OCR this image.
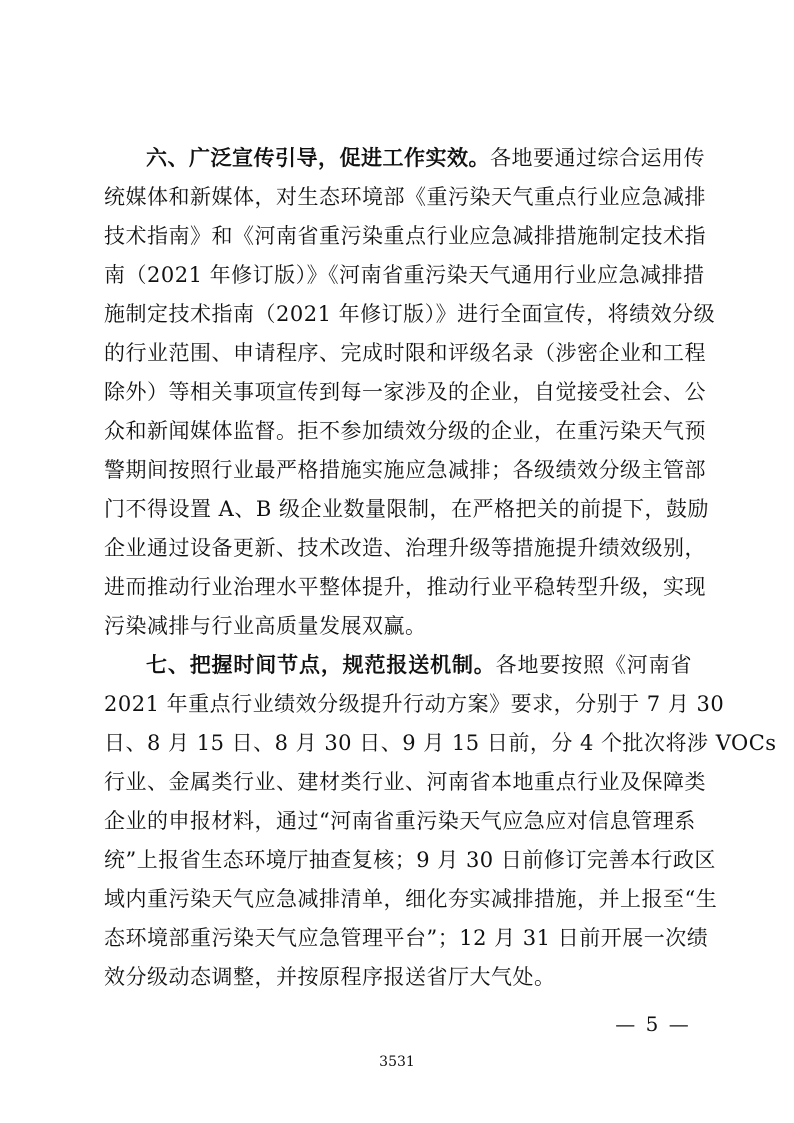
六、广泛宣传引导，促进工作实效。各地要通过综合运用传
统媒体和新媒体，对生态环境部《重污染天气重点行业应急减排
技术指南》和《河南省重污染重点行业应急减排措施制定技术指
南（2021 年修订版）》《河南省重污染天气通用行业应急减排措
施制定技术指南（2021 年修订版）》进行全面宣传，将绩效分级
的行业范围、申请程序、完成时限和评级名录（涉密企业和工程
除外）等相关事项宣传到每一家涉及的企业，自觉接受社会、公
众和新闻媒体监督。拒不参加绩效分级的企业，在重污染天气预
警期间按照行业最严格措施实施应急减排；各级绩效分级主管部
门不得设置 A、B 级企业数量限制，在严格把关的前提下，鼓励
企业通过设备更新、技术改造、治理升级等措施提升绩效级别，
进而推动行业治理水平整体提升，推动行业平稳转型升级，实现
污染减排与行业高质量发展双赢。
七、把握时间节点，规范报送机制。各地要按照《河南省
2021 年重点行业绩效分级提升行动方案》要求，分别于 7 月 30
日、8 月 15 日、8 月 30 日、9 月 15 日前，分 4 个批次将涉 VOCs
行业、金属类行业、建材类行业、河南省本地重点行业及保障类
企业的申报材料，通过“河南省重污染天气应急应对信息管理系
统”上报省生态环境厅抽查复核；9 月 30 日前修订完善本行政区
域内重污染天气应急减排清单，细化夯实减排措施，并上报至“生
态环境部重污染天气应急管理平台”；12 月 31 日前开展一次绩
效分级动态调整，并按原程序报送省厅大气处。
— 5 —
3531
